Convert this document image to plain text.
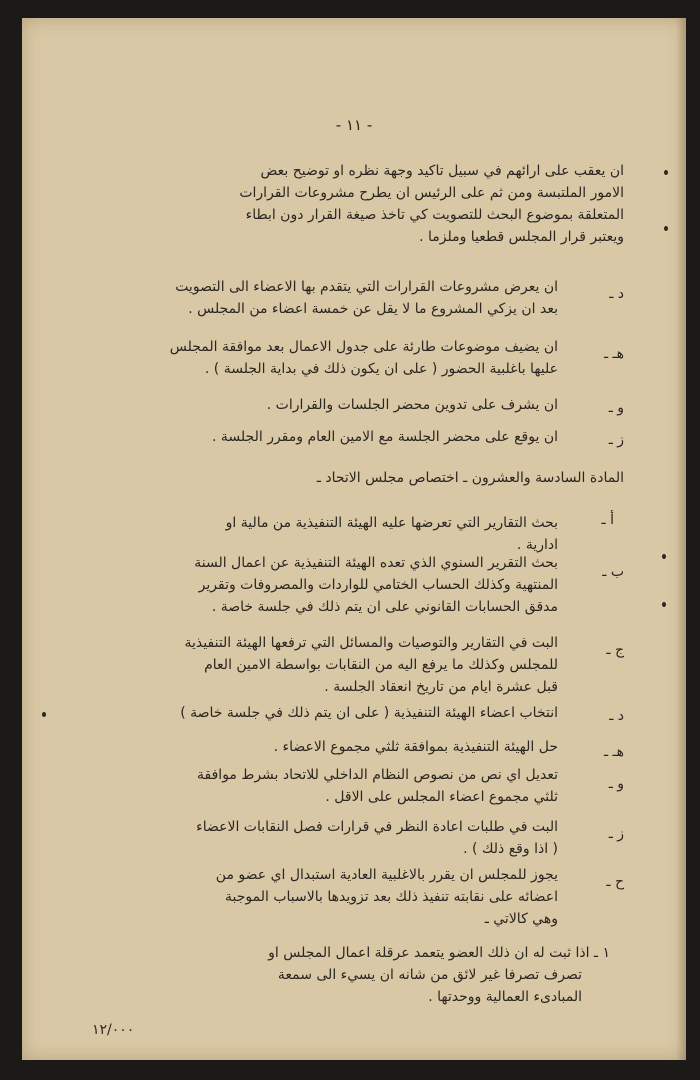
- ١١ -
ان يعقب على ارائهم في سبيل تاكيد وجهة نظره او توضيح بعض
الامور الملتبسة ومن ثم على الرئيس ان يطرح مشروعات القرارات
المتعلقة بموضوع البحث للتصويت كي تاخذ صيغة القرار دون ابطاء
ويعتبر قرار المجلس قطعيا وملزما .
د ـ
ان يعرض مشروعات القرارات التي يتقدم بها الاعضاء الى التصويت
بعد ان يزكي المشروع ما لا يقل عن خمسة اعضاء من المجلس .
هـ ـ
ان يضيف موضوعات طارئة على جدول الاعمال بعد موافقة المجلس
عليها باغلبية الحضور ( على ان يكون ذلك في بداية الجلسة ) .
و ـ
ان يشرف على تدوين محضر الجلسات والقرارات .
ز ـ
ان يوقع على محضر الجلسة مع الامين العام ومقرر الجلسة .
المادة السادسة والعشرون ـ اختصاص مجلس الاتحاد ـ
أ ـ
بحث التقارير التي تعرضها عليه الهيئة التنفيذية من مالية او
ادارية .
ب ـ
بحث التقرير السنوي الذي تعده الهيئة التنفيذية عن اعمال السنة
المنتهية وكذلك الحساب الختامي للواردات والمصروفات وتقرير
مدقق الحسابات القانوني على ان يتم ذلك في جلسة خاصة .
ج ـ
البت في التقارير والتوصيات والمسائل التي ترفعها الهيئة التنفيذية
للمجلس وكذلك ما يرفع اليه من النقابات بواسطة الامين العام
قبل عشرة ايام من تاريخ انعقاد الجلسة .
د ـ
انتخاب اعضاء الهيئة التنفيذية ( على ان يتم ذلك في جلسة خاصة )
هـ ـ
حل الهيئة التنفيذية بموافقة ثلثي مجموع الاعضاء .
و ـ
تعديل اي نص من نصوص النظام الداخلي للاتحاد بشرط موافقة
ثلثي مجموع اعضاء المجلس على الاقل .
ز ـ
البت في طلبات اعادة النظر في قرارات فصل النقابات الاعضاء
( اذا وقع ذلك ) .
ح ـ
يجوز للمجلس ان يقرر بالاغلبية العادية استبدال اي عضو من
اعضائه على نقابته تنفيذ ذلك بعد تزويدها بالاسباب الموجبة
وهي كالاتي ـ
١ ـ اذا ثبت له ان ذلك العضو يتعمد عرقلة اعمال المجلس او
تصرف تصرفا غير لائق من شانه ان يسيء الى سمعة
المبادىء العمالية ووحدتها .
١٢/٠٠٠
